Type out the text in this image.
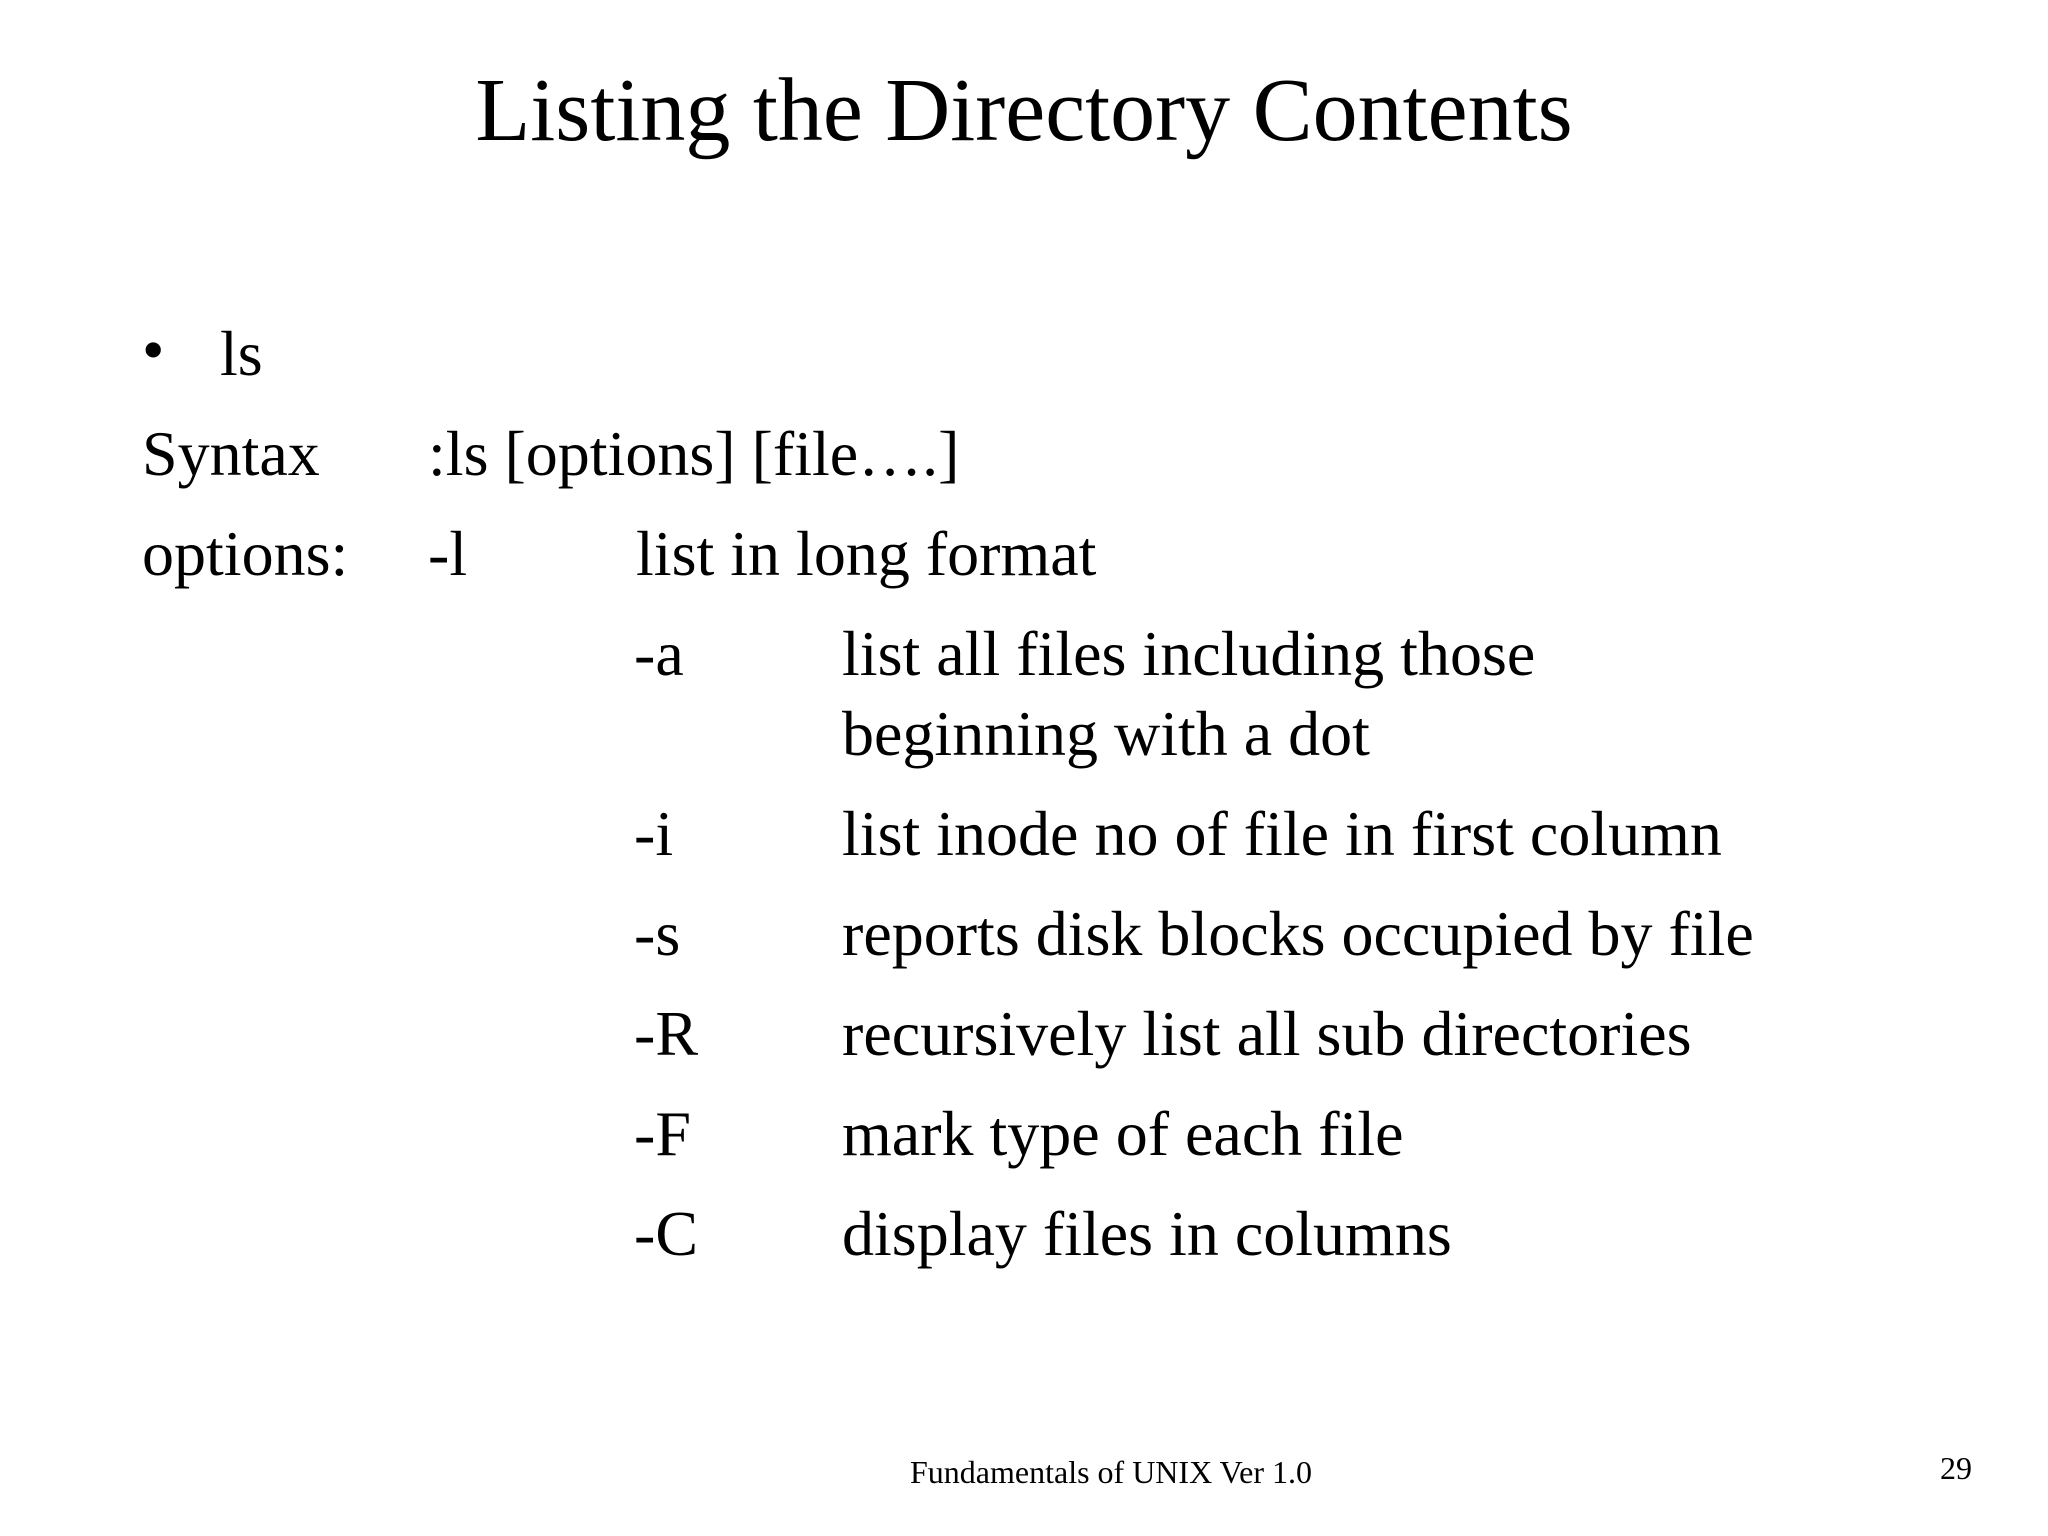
Listing the Directory Contents
• ls
Syntax :ls [options] [file….]
options: -l	list in long format
-a list all files including those
beginning with a dot
-i	list inode no of file in first column
-s	reports disk blocks occupied by file
-R recursively list all sub directories
-F mark type of each file
-C display files in columns
Fundamentals of UNIX Ver 1.0	29
